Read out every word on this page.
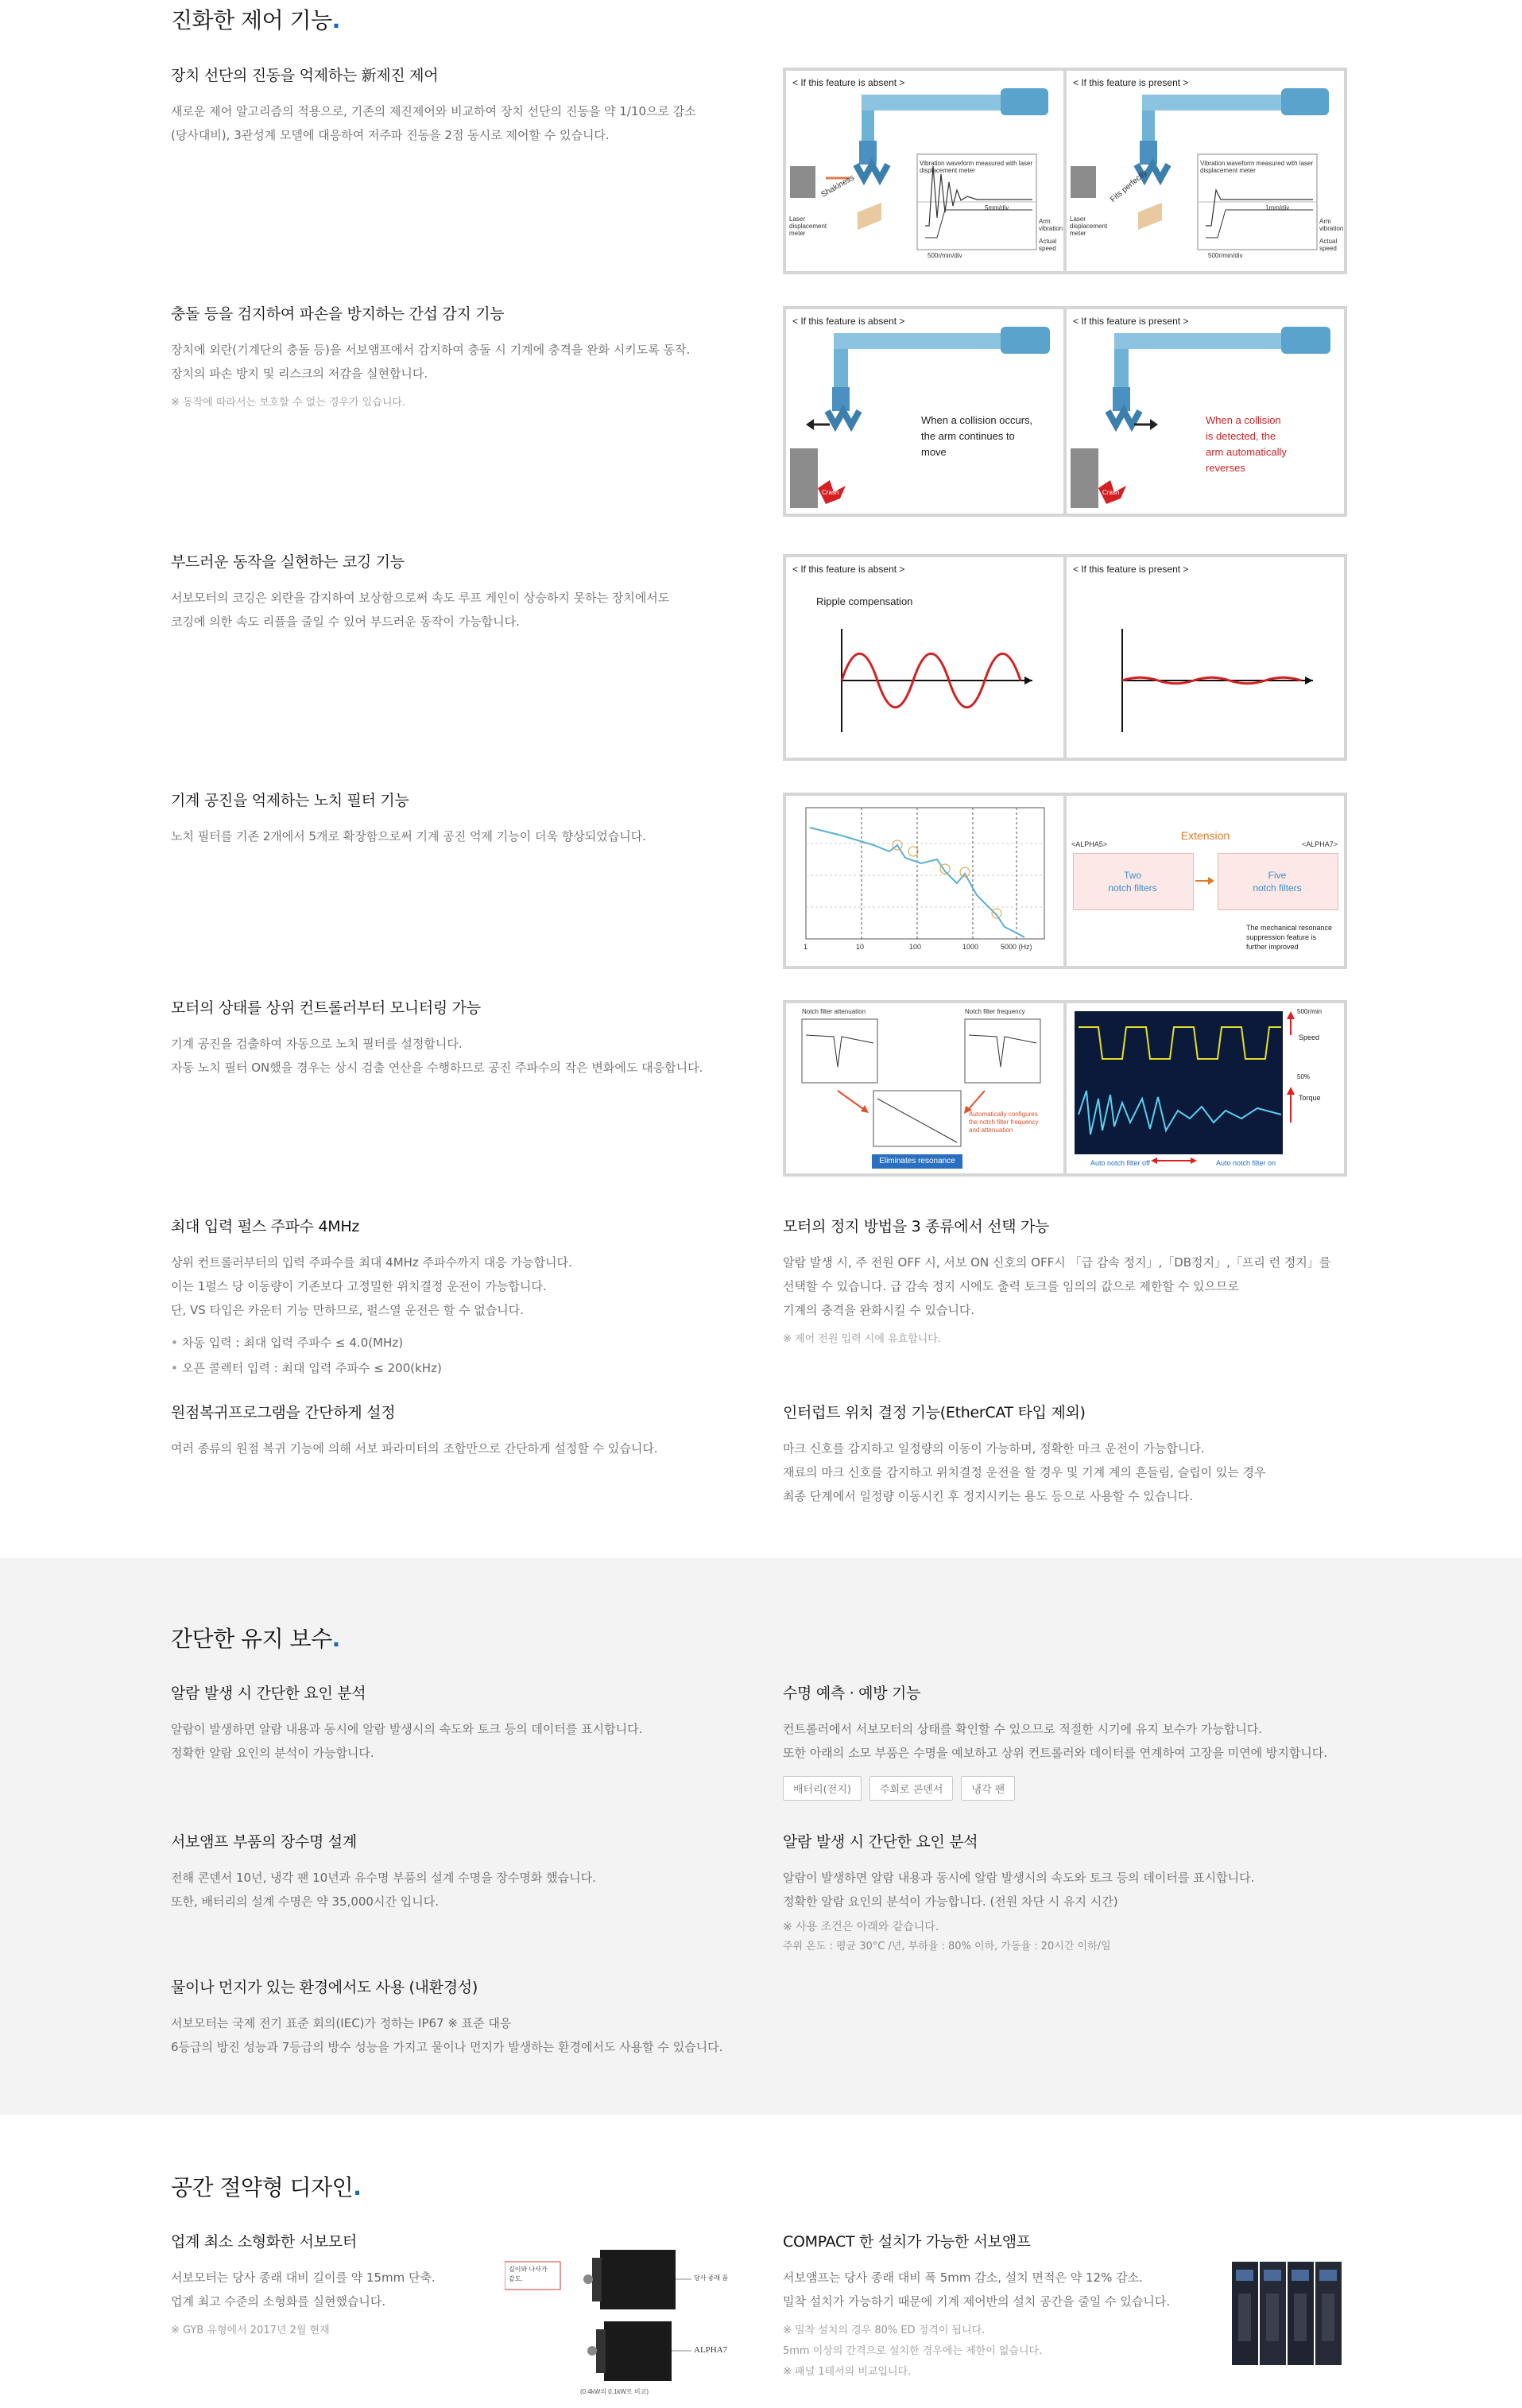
진화한 제어 기능.
장치 선단의 진동을 억제하는 新제진 제어

새로운 제어 알고리즘의 적용으로, 기존의 제진제어와 비교하여 장치 선단의 진동을 약 1/10으로 감소

(당사대비), 3관성계 모델에 대응하여 저주파 진동을 2점 동시로 제어할 수 있습니다.

< If this feature is absent >
Shakiness
Vibration waveform measured with laser displacement meter
Laser displacement meter
Arm vibration
Actual speed
5mm/div
500r/min/div
< If this feature is present >
Fits perfectly
Vibration waveform measured with laser displacement meter
Laser displacement meter
Arm vibration
Actual speed
1mm/div
500r/min/div
충돌 등을 검지하여 파손을 방지하는 간섭 감지 기능

장치에 외란(기계단의 충돌 등)을 서보앰프에서 감지하여 충돌 시 기계에 충격을 완화 시키도록 동작.

장치의 파손 방지 및 리스크의 저감을 실현합니다.

※ 동작에 따라서는 보호할 수 없는 경우가 있습니다.
< If this feature is absent >
When a collision occurs,
the arm continues to
move
Crash
< If this feature is present >
When a collision
is detected, the
arm automatically
reverses
Crash
부드러운 동작을 실현하는 코깅 기능

서보모터의 코깅은 외란을 감지하여 보상함으로써 속도 루프 게인이 상승하지 못하는 장치에서도

코깅에 의한 속도 리플을 줄일 수 있어 부드러운 동작이 가능합니다.

< If this feature is absent >
Ripple compensation
< If this feature is present >
기계 공진을 억제하는 노치 필터 기능

노치 필터를 기존 2개에서 5개로 확장함으로써 기계 공진 억제 기능이 더욱 향상되었습니다.

1	10	100	1000	5000 (Hz)
Extension
<ALPHA5>	<ALPHA7>
Two
notch filters
Five
notch filters
The mechanical resonance
suppression feature is
further improved
모터의 상태를 상위 컨트롤러부터 모니터링 가능

기계 공진을 검출하여 자동으로 노치 필터를 설정합니다.

자동 노치 필터 ON했을 경우는 상시 검출 연산을 수행하므로 공진 주파수의 작은 변화에도 대응합니다.

Notch filter attenuation	Notch filter frequency
Automatically configures
the notch filter frequency
and attenuation
Eliminates resonance
500r/min
Speed
50%
Torque
Auto notch filter off	Auto notch filter on
최대 입력 펄스 주파수 4MHz

상위 컨트롤러부터의 입력 주파수를 최대 4MHz 주파수까지 대응 가능합니다.

이는 1펄스 당 이동량이 기존보다 고정밀한 위치결정 운전이 가능합니다.

단, VS 타입은 카운터 기능 만하므로, 펄스열 운전은 할 수 없습니다.

• 차동 입력 : 최대 입력 주파수 ≤ 4.0(MHz)
• 오픈 콜렉터 입력 : 최대 입력 주파수 ≤ 200(kHz)
모터의 정지 방법을 3 종류에서 선택 가능

알람 발생 시, 주 전원 OFF 시, 서보 ON 신호의 OFF시 「급 감속 정지」,「DB정지」,「프리 런 정지」를

선택할 수 있습니다. 급 감속 정지 시에도 출력 토크를 임의의 값으로 제한할 수 있으므로

기계의 충격을 완화시킬 수 있습니다.

※ 제어 전원 입력 시에 유효합니다.
원점복귀프로그램을 간단하게 설정

여러 종류의 원점 복귀 기능에 의해 서보 파라미터의 조합만으로 간단하게 설정할 수 있습니다.

인터럽트 위치 결정 기능(EtherCAT 타입 제외)

마크 신호를 감지하고 일정량의 이동이 가능하며, 정확한 마크 운전이 가능합니다.

재료의 마크 신호를 감지하고 위치결정 운전을 할 경우 및 기계 계의 흔들림, 슬립이 있는 경우

최종 단계에서 일정량 이동시킨 후 정지시키는 용도 등으로 사용할 수 있습니다.

간단한 유지 보수.
알람 발생 시 간단한 요인 분석

알람이 발생하면 알람 내용과 동시에 알람 발생시의 속도와 토크 등의 데이터를 표시합니다.

정확한 알람 요인의 분석이 가능합니다.

수명 예측 · 예방 기능

컨트롤러에서 서보모터의 상태를 확인할 수 있으므로 적절한 시기에 유지 보수가 가능합니다.

또한 아래의 소모 부품은 수명을 예보하고 상위 컨트롤러와 데이터를 연계하여 고장을 미연에 방지합니다.

배터리(전지)	주회로 콘덴서	냉각 팬
서보앰프 부품의 장수명 설계

전해 콘덴서 10년, 냉각 팬 10년과 유수명 부품의 설계 수명을 장수명화 했습니다.

또한, 배터리의 설계 수명은 약 35,000시간 입니다.

알람 발생 시 간단한 요인 분석

알람이 발생하면 알람 내용과 동시에 알람 발생시의 속도와 토크 등의 데이터를 표시합니다.

정확한 알람 요인의 분석이 가능합니다. (전원 차단 시 유지 시간)

※ 사용 조건은 아래와 같습니다.
주위 온도 : 평균 30°C /년, 부하율 : 80% 이하, 가동율 : 20시간 이하/일
물이나 먼지가 있는 환경에서도 사용 (내환경성)

서보모터는 국제 전기 표준 회의(IEC)가 정하는 IP67 ※ 표준 대응

6등급의 방진 성능과 7등급의 방수 성능을 가지고 물이나 먼지가 발생하는 환경에서도 사용할 수 있습니다.

공간 절약형 디자인.
업계 최소 소형화한 서보모터

서보모터는 당사 종래 대비 길이를 약 15mm 단축.

업계 최고 수준의 소형화를 실현했습니다.

※ GYB 유형에서 2017년 2월 현재
길이와 나사가
같도.	당사 종래 품
ALPHA7
(0.4kW의 0.1kW로 비교)
COMPACT 한 설치가 가능한 서보앰프

서보앰프는 당사 종래 대비 폭 5mm 감소, 설치 면적은 약 12% 감소.

밀착 설치가 가능하기 때문에 기계 제어반의 설치 공간을 줄일 수 있습니다.

※ 밀착 설치의 경우 80% ED 정격이 됩니다.
5mm 이상의 간격으로 설치한 경우에는 제한이 없습니다.
※ 패널 1테서의 비교입니다.
